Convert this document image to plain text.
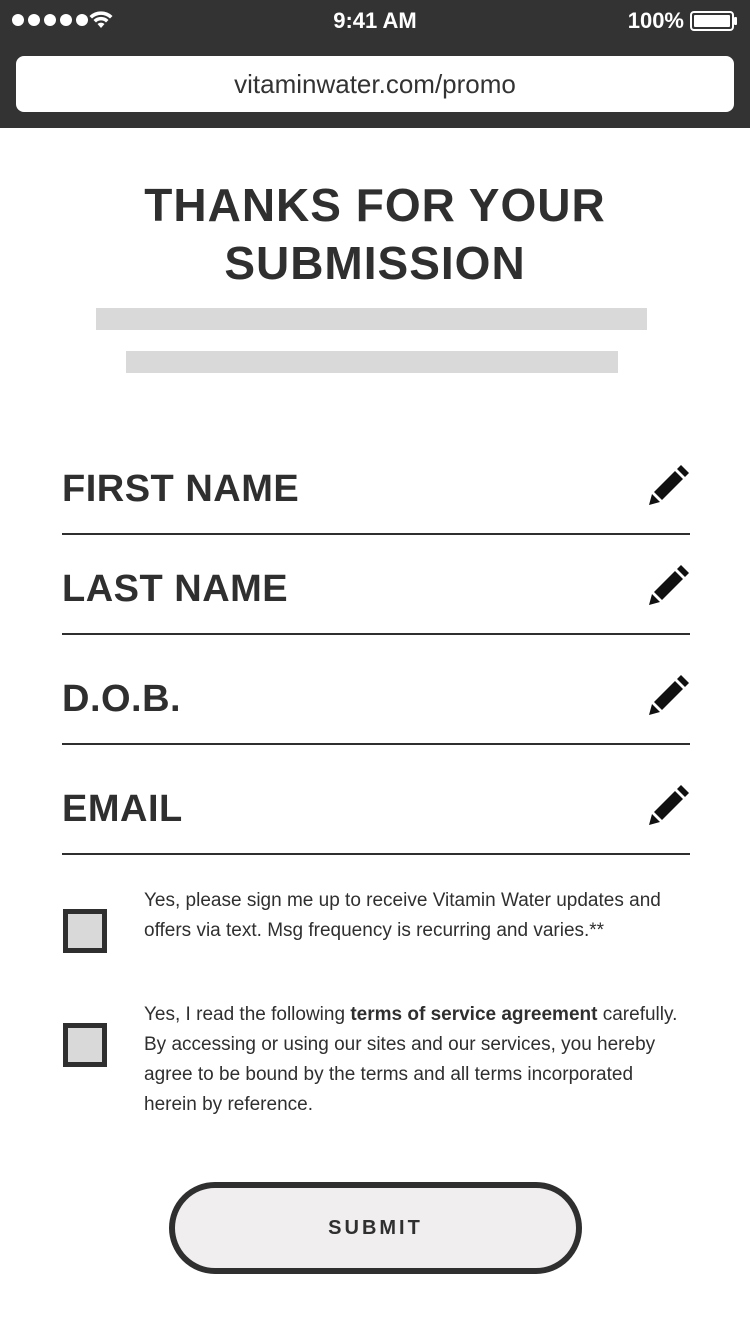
9:41 AM	100%
vitaminwater.com/promo
THANKS FOR YOUR
SUBMISSION
FIRST NAME
LAST NAME
D.O.B.
EMAIL

Yes, please sign me up to receive Vitamin Water updates and offers via text. Msg frequency is recurring and varies.**

Yes, I read the following terms of service agreement carefully. By accessing or using our sites and our services, you hereby agree to be bound by the terms and all terms incorporated herein by reference.

SUBMIT
